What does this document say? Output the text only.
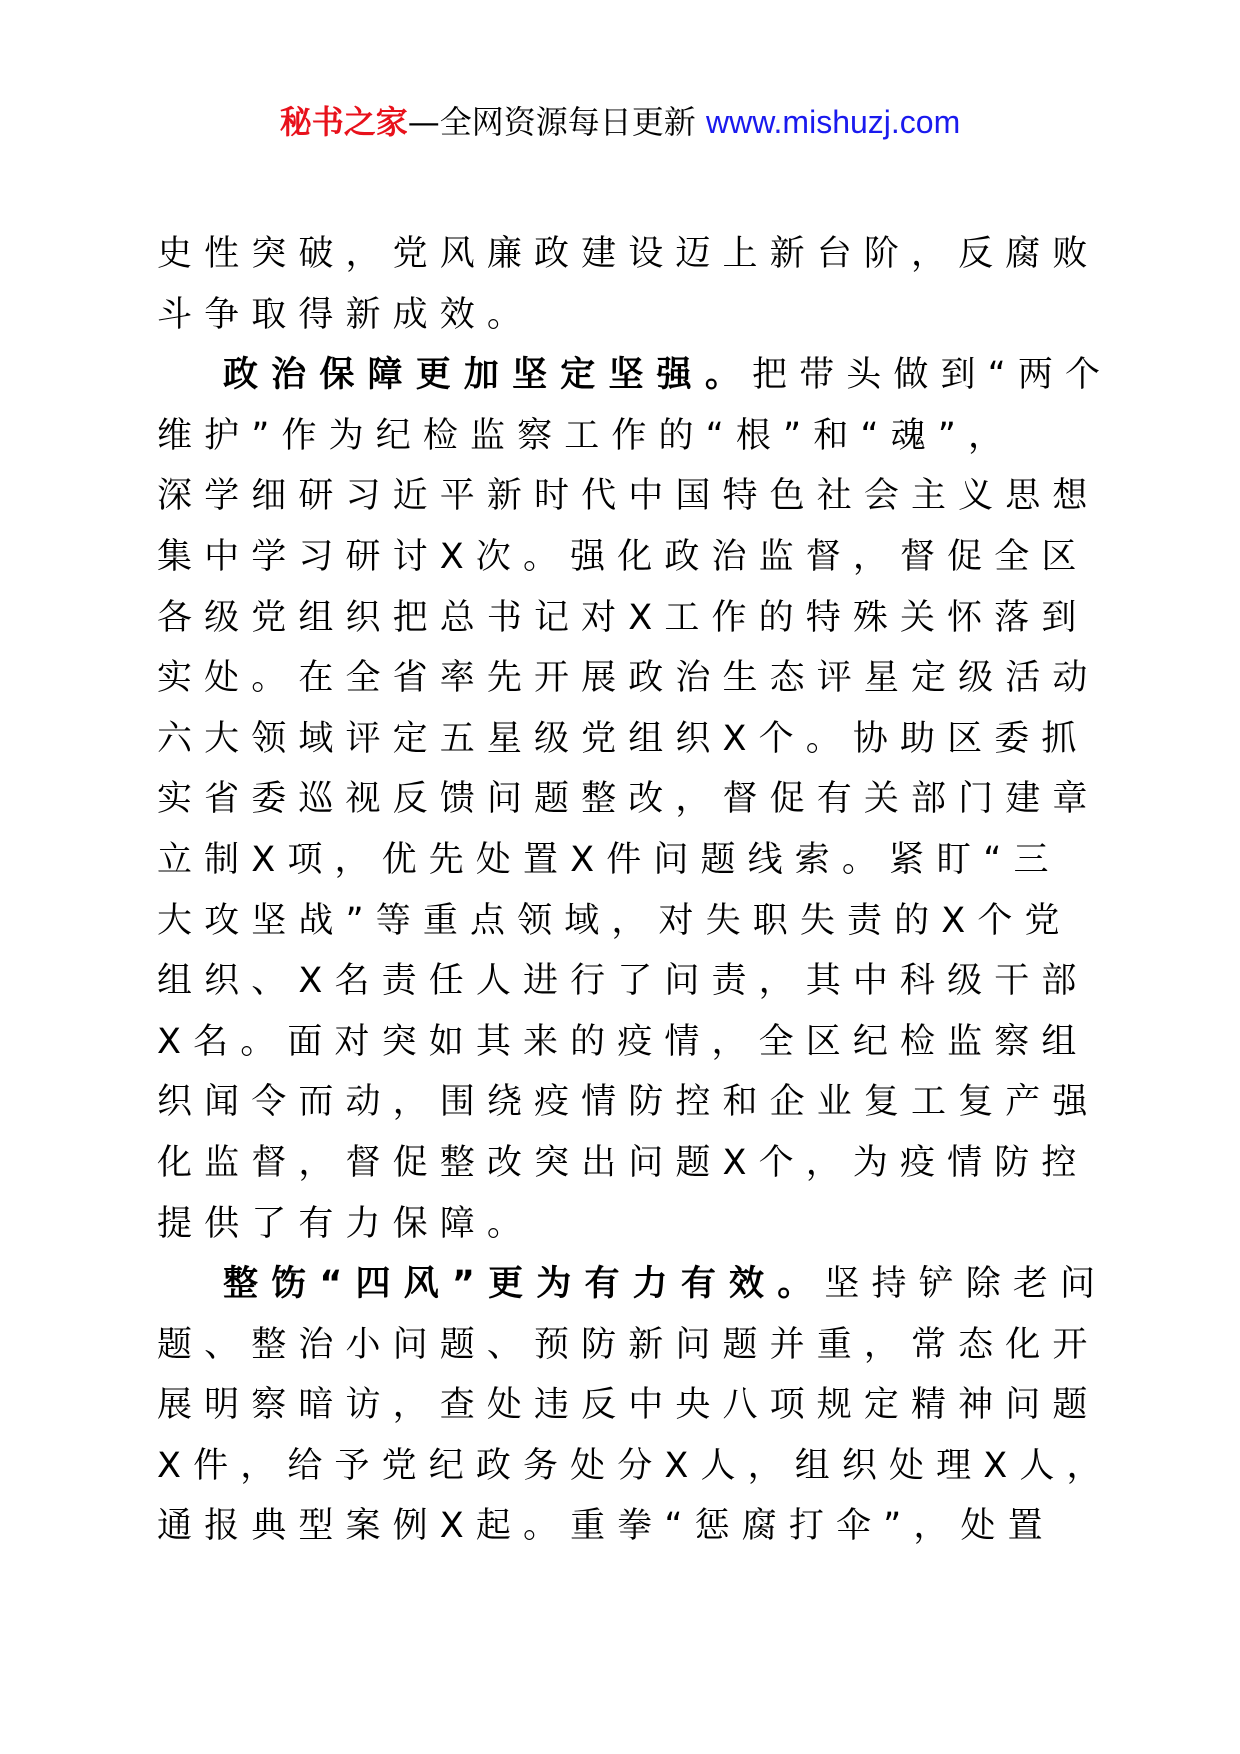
秘书之家—全网资源每日更新 www.mishuzj.com
史 性 突 破 ， 党 风 廉 政 建 设 迈 上 新 台 阶 ， 反 腐 败
斗 争 取 得 新 成 效 。
政 治 保 障 更 加 坚 定 坚 强 。 把 带 头 做 到 “ 两 个
维 护 ” 作 为 纪 检 监 察 工 作 的 “ 根 ” 和 “ 魂 ” ，
深 学 细 研 习 近 平 新 时 代 中 国 特 色 社 会 主 义 思 想
集 中 学 习 研 讨 X 次 。 强 化 政 治 监 督 ， 督 促 全 区
各 级 党 组 织 把 总 书 记 对 X 工 作 的 特 殊 关 怀 落 到
实 处 。 在 全 省 率 先 开 展 政 治 生 态 评 星 定 级 活 动
六 大 领 域 评 定 五 星 级 党 组 织 X 个 。 协 助 区 委 抓
实 省 委 巡 视 反 馈 问 题 整 改 ， 督 促 有 关 部 门 建 章
立 制 X 项 ， 优 先 处 置 X 件 问 题 线 索 。 紧 盯 “ 三
大 攻 坚 战 ” 等 重 点 领 域 ， 对 失 职 失 责 的 X 个 党
组 织 、 X 名 责 任 人 进 行 了 问 责 ， 其 中 科 级 干 部
X 名 。 面 对 突 如 其 来 的 疫 情 ， 全 区 纪 检 监 察 组
织 闻 令 而 动 ， 围 绕 疫 情 防 控 和 企 业 复 工 复 产 强
化 监 督 ， 督 促 整 改 突 出 问 题 X 个 ， 为 疫 情 防 控
提 供 了 有 力 保 障 。
整 饬 “ 四 风 ” 更 为 有 力 有 效 。 坚 持 铲 除 老 问
题 、 整 治 小 问 题 、 预 防 新 问 题 并 重 ， 常 态 化 开
展 明 察 暗 访 ， 查 处 违 反 中 央 八 项 规 定 精 神 问 题
X 件 ， 给 予 党 纪 政 务 处 分 X 人 ， 组 织 处 理 X 人 ，
通 报 典 型 案 例 X 起 。 重 拳 “ 惩 腐 打 伞 ” ， 处 置
